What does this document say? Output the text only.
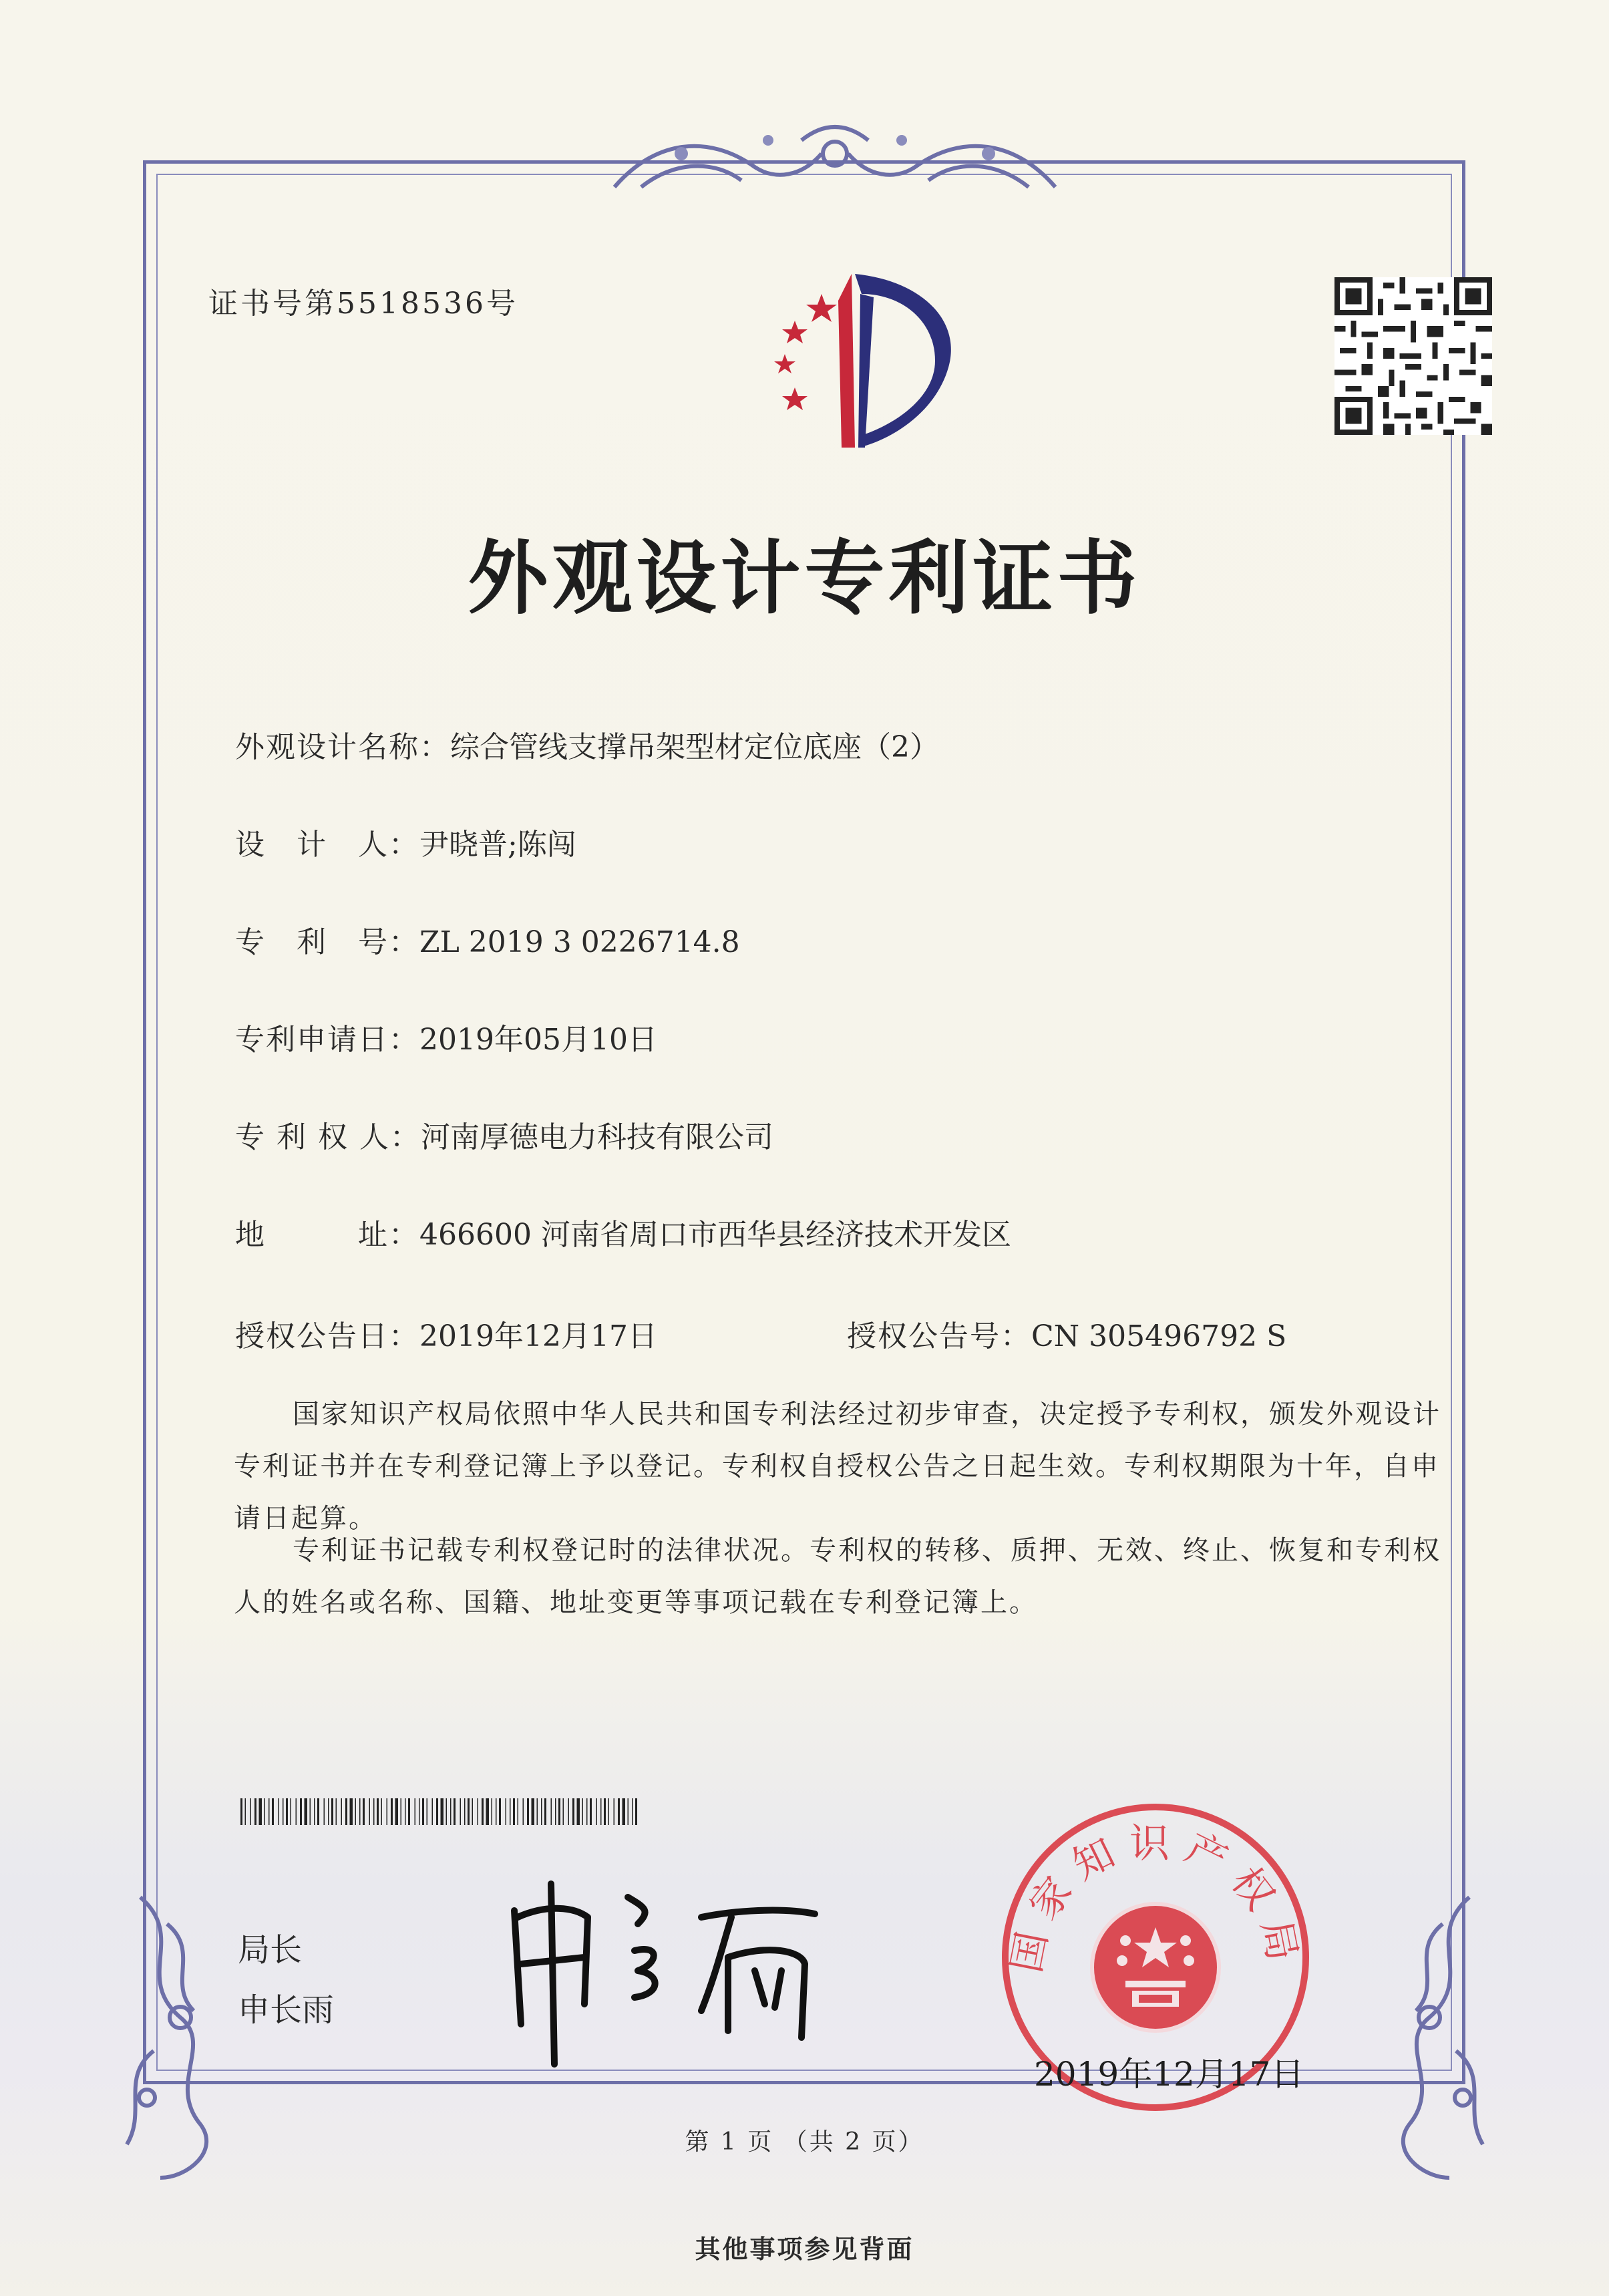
证书号第5518536号
外观设计专利证书
外观设计名称：综合管线支撑吊架型材定位底座（2）
设　计　人：尹晓普;陈闯
专　利　号：ZL 2019 3 0226714.8
专利申请日：2019年05月10日
专 利 权 人：河南厚德电力科技有限公司
地　　　址：466600 河南省周口市西华县经济技术开发区
授权公告日：2019年12月17日	授权公告号：CN 305496792 S
国家知识产权局依照中华人民共和国专利法经过初步审查，决定授予专利权，颁发外观设计专利证书并在专利登记簿上予以登记。专利权自授权公告之日起生效。专利权期限为十年，自申请日起算。
专利证书记载专利权登记时的法律状况。专利权的转移、质押、无效、终止、恢复和专利权人的姓名或名称、国籍、地址变更等事项记载在专利登记簿上。
局长
申长雨
国家知识产权局
2019年12月17日
第 1 页 （共 2 页）
其他事项参见背面
